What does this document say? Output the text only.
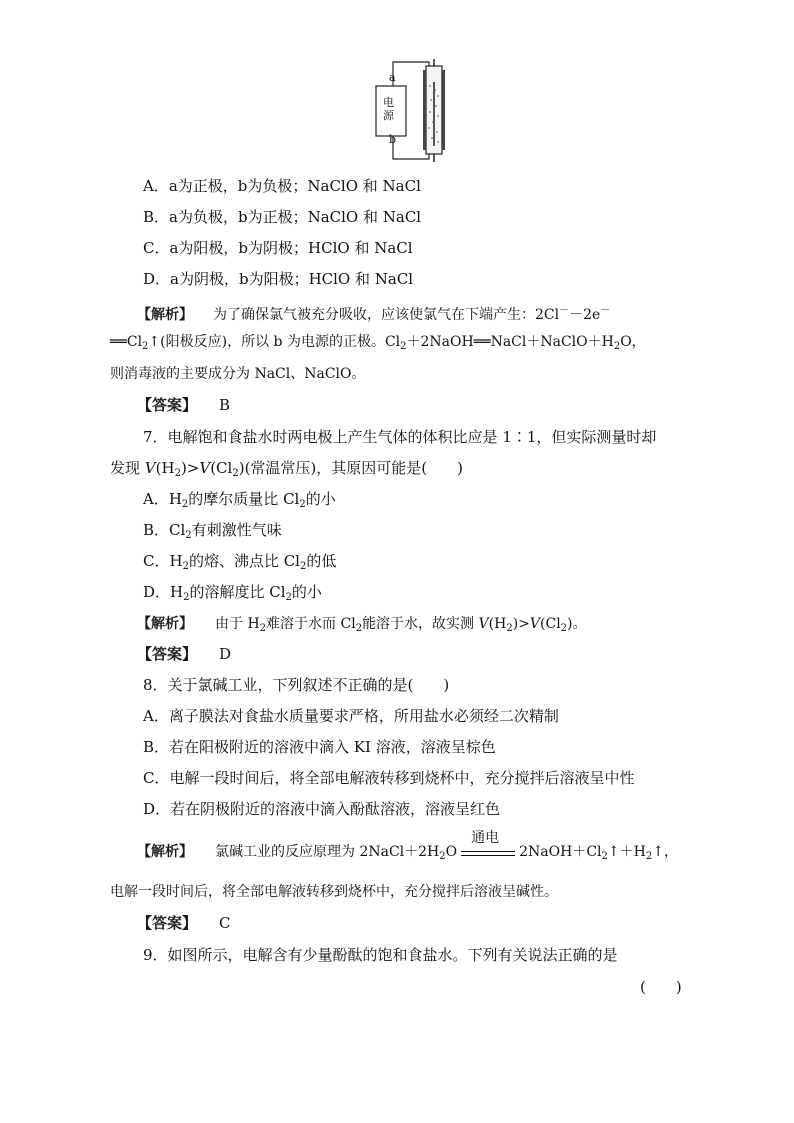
a
b
电源
A．a为正极，b为负极；NaClO 和 NaCl
B．a为负极，b为正极；NaClO 和 NaCl
C．a为阳极，b为阴极；HClO 和 NaCl
D．a为阴极，b为阳极；HClO 和 NaCl
【解析】 为了确保氯气被充分吸收，应该使氯气在下端产生：2Cl－－2e－
$══Cl_2↑$(阳极反应)，所以 b 为电源的正极。$Cl_2+2NaOH══NaCl+NaClO+H_2O$，
则消毒液的主要成分为 NaCl、NaClO。
【答案】 B
7．电解饱和食盐水时两电极上产生气体的体积比应是 1∶1，但实际测量时却
发现 $V(H_2)>V(Cl_2)$(常温常压)，其原因可能是(　　)
A．$H_2$的摩尔质量比 $Cl_2$的小
B．$Cl_2$有刺激性气味
C．$H_2$的熔、沸点比 $Cl_2$的低
D．$H_2$的溶解度比 $Cl_2$的小
【解析】 由于 $H_2$难溶于水而 $Cl_2$能溶于水，故实测 $V(H_2)>V(Cl_2)$。
【答案】 D
8．关于氯碱工业，下列叙述不正确的是(　　)
A．离子膜法对食盐水质量要求严格，所用盐水必须经二次精制
B．若在阳极附近的溶液中滴入 KI 溶液，溶液呈棕色
C．电解一段时间后，将全部电解液转移到烧杯中，充分搅拌后溶液呈中性
D．若在阴极附近的溶液中滴入酚酞溶液，溶液呈红色
【解析】 氯碱工业的反应原理为 $2NaCl+2H_2O$
通电
$2NaOH+Cl_2↑+H_2↑$，
电解一段时间后，将全部电解液转移到烧杯中，充分搅拌后溶液呈碱性。
【答案】 C
9．如图所示，电解含有少量酚酞的饱和食盐水。下列有关说法正确的是
(　　)
